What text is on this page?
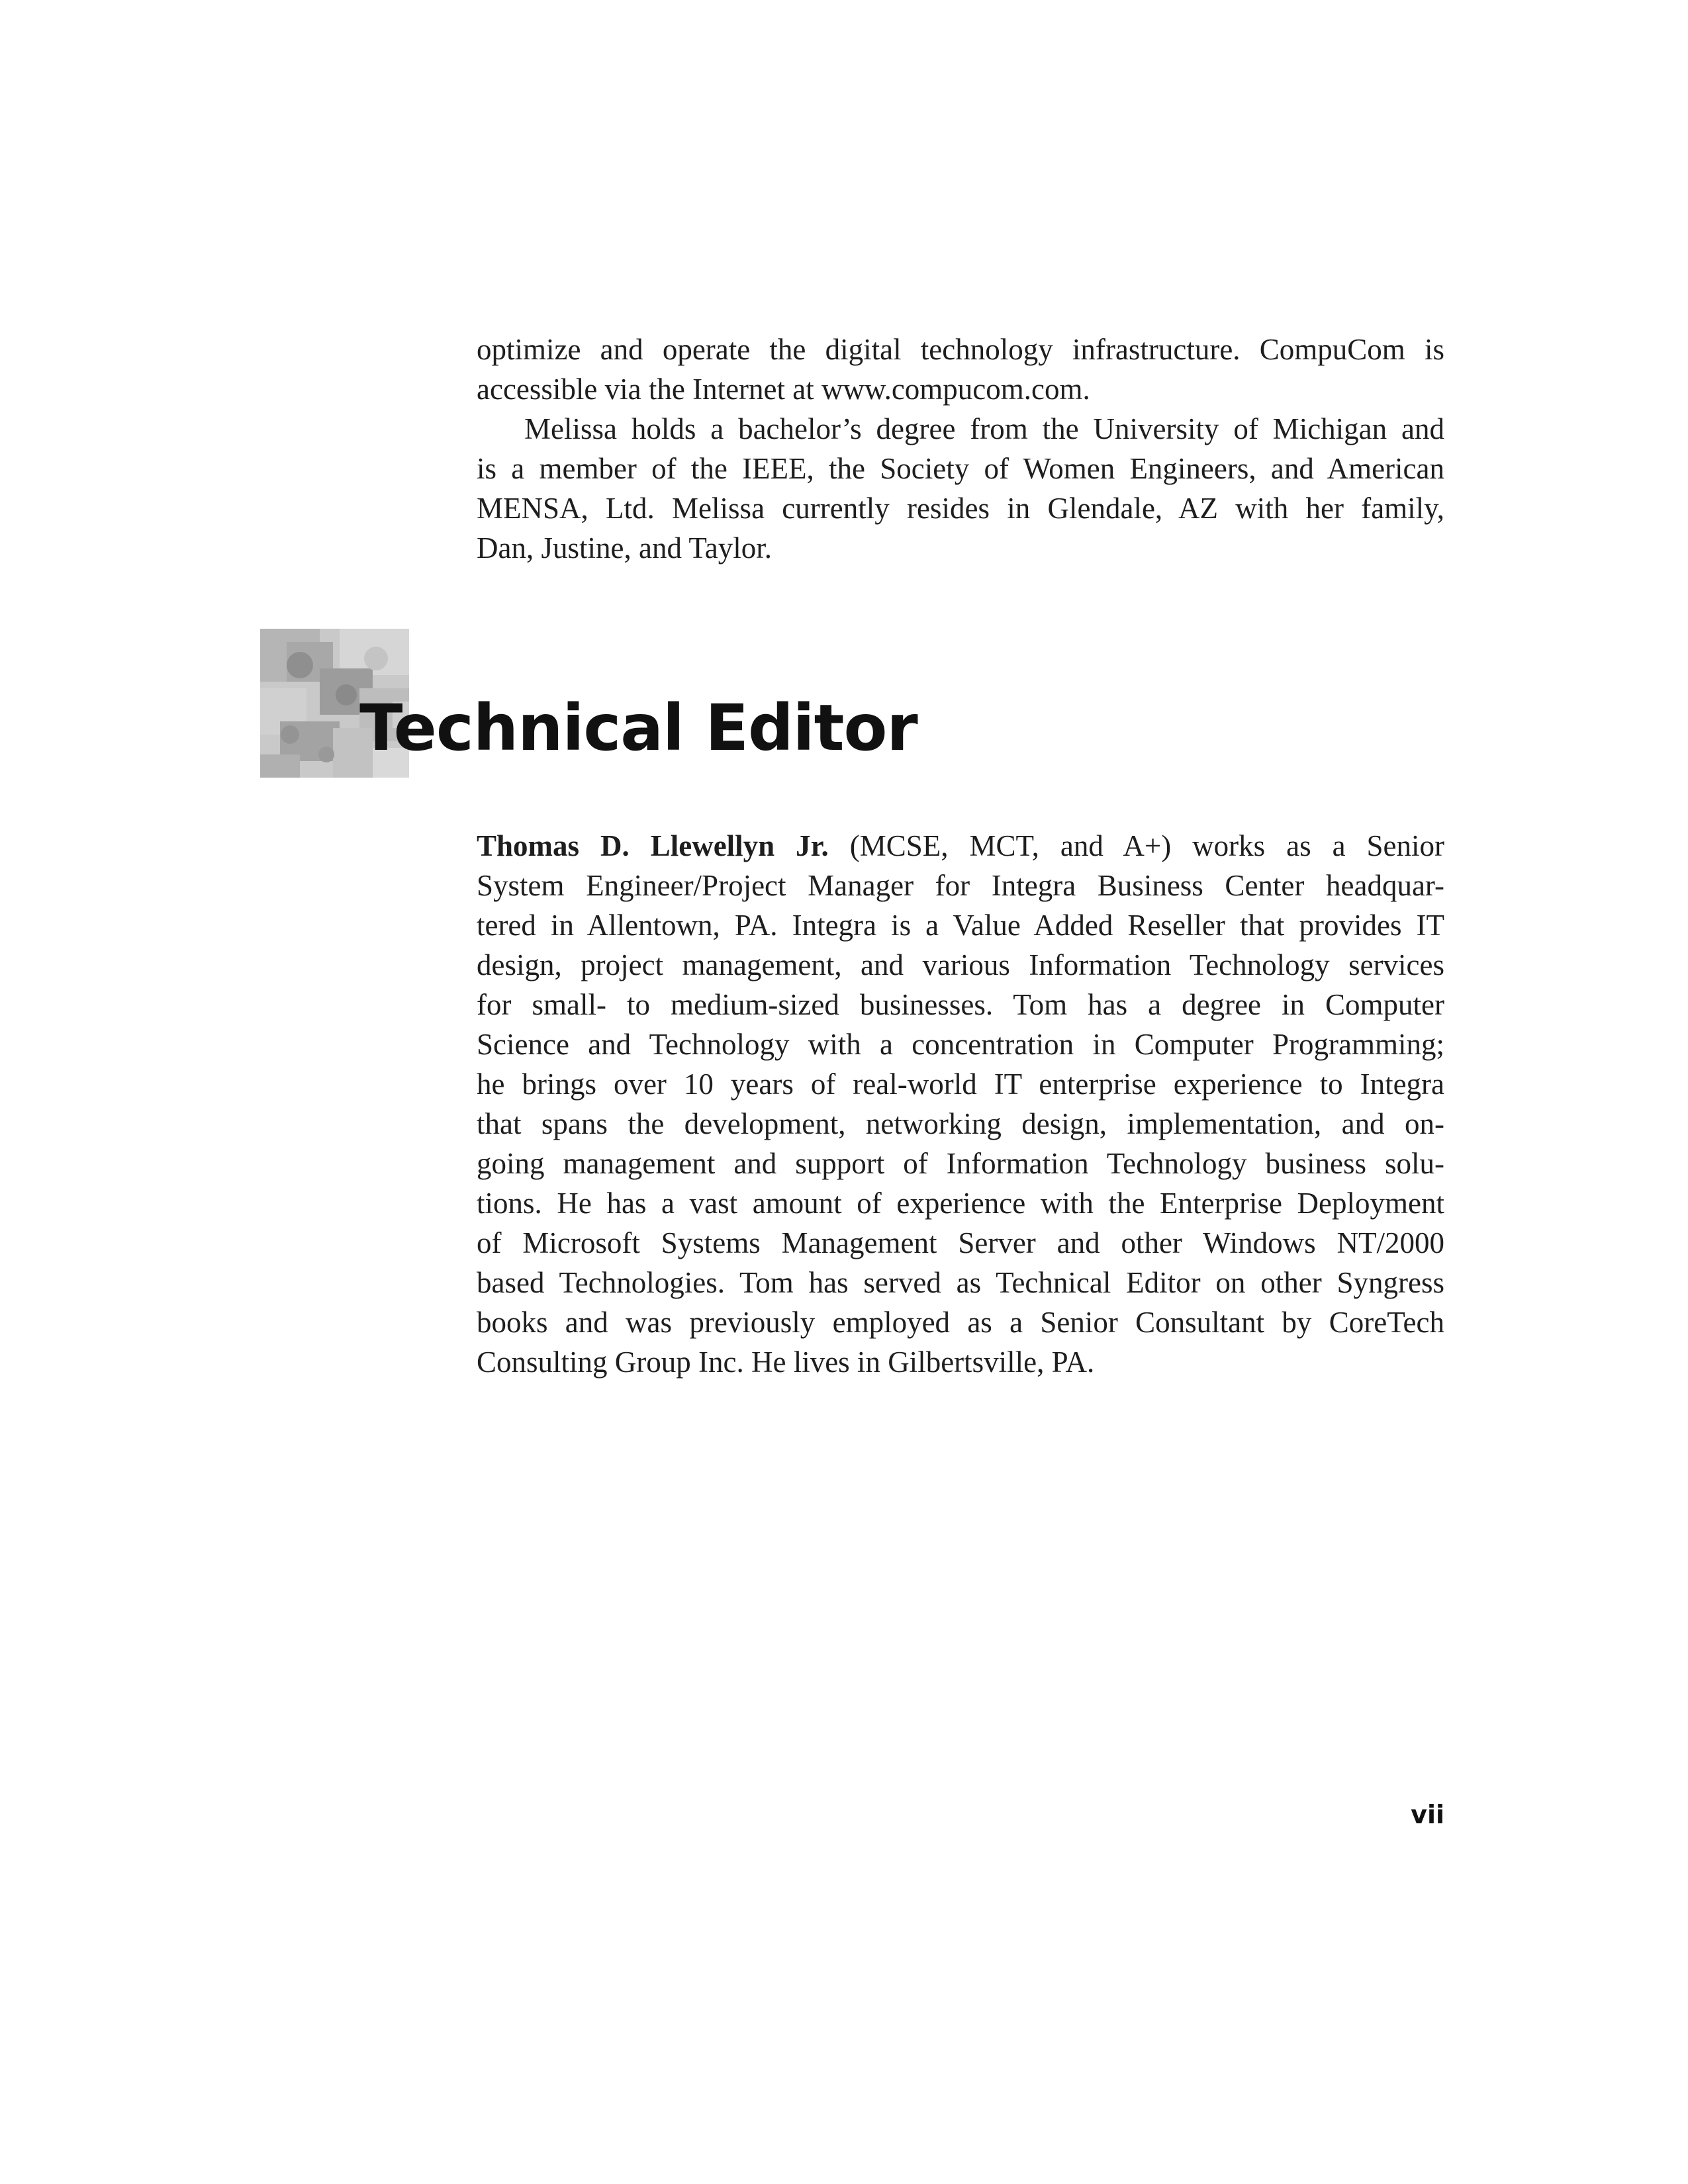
optimize and operate the digital technology infrastructure. CompuCom is
accessible via the Internet at www.compucom.com.

Melissa holds a bachelor’s degree from the University of Michigan and
is a member of the IEEE, the Society of Women Engineers, and American
MENSA, Ltd. Melissa currently resides in Glendale, AZ with her family,
Dan, Justine, and Taylor.

Technical Editor
Thomas D. Llewellyn Jr. (MCSE, MCT, and A+) works as a Senior
System Engineer/Project Manager for Integra Business Center headquar-
tered in Allentown, PA. Integra is a Value Added Reseller that provides IT
design, project management, and various Information Technology services
for small- to medium-sized businesses. Tom has a degree in Computer
Science and Technology with a concentration in Computer Programming;
he brings over 10 years of real-world IT enterprise experience to Integra
that spans the development, networking design, implementation, and on-
going management and support of Information Technology business solu-
tions. He has a vast amount of experience with the Enterprise Deployment
of Microsoft Systems Management Server and other Windows NT/2000
based Technologies. Tom has served as Technical Editor on other Syngress
books and was previously employed as a Senior Consultant by CoreTech
Consulting Group Inc. He lives in Gilbertsville, PA.
vii
